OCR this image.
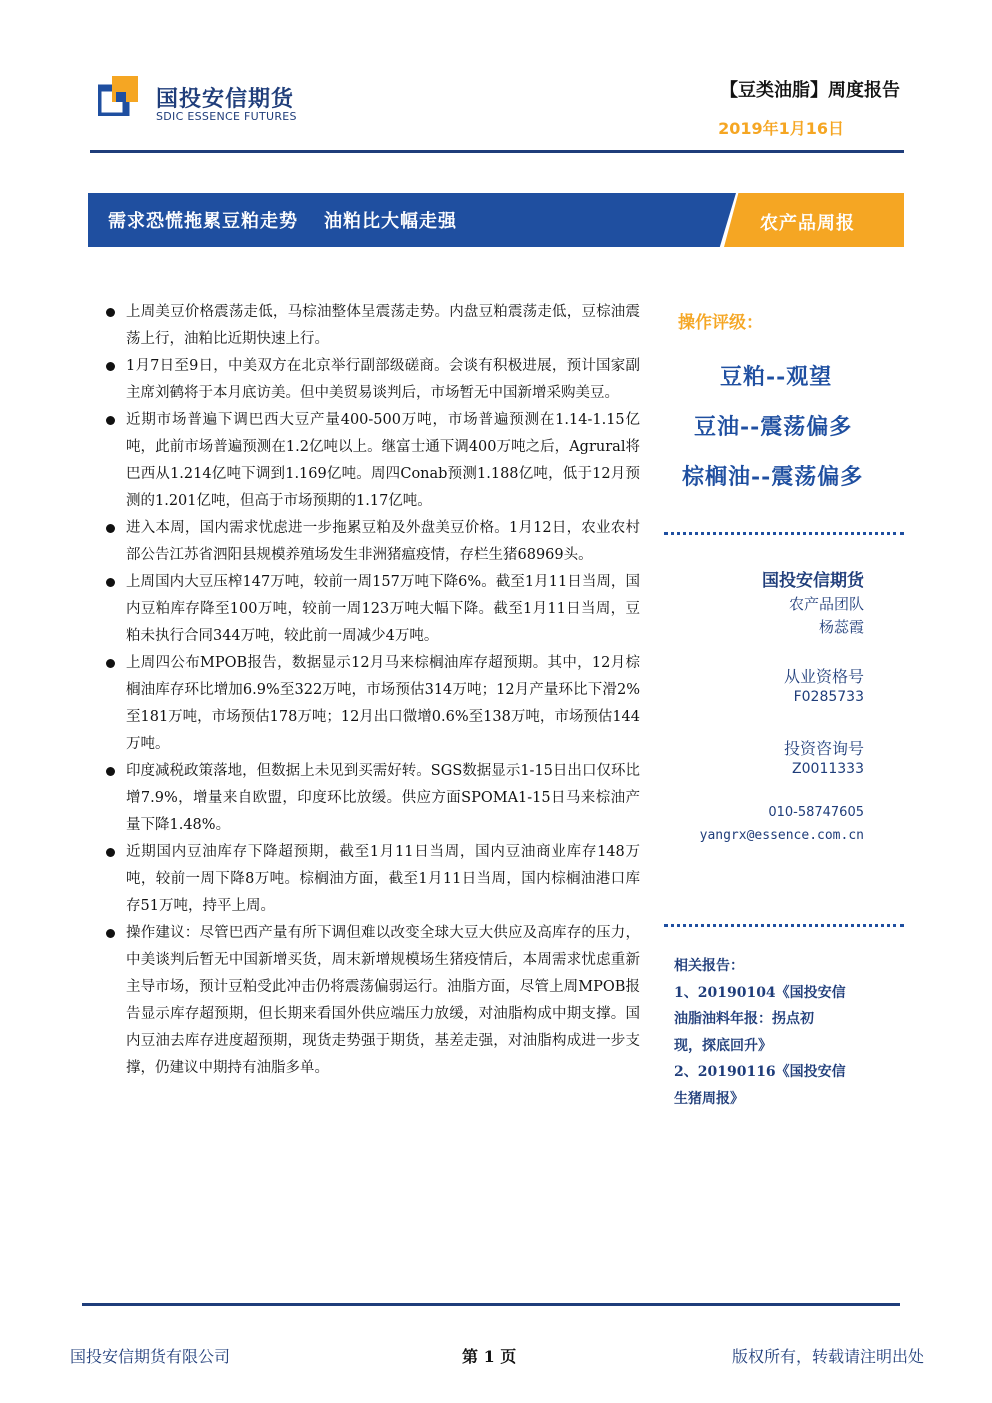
国投安信期货
SDIC ESSENCE FUTURES
【豆类油脂】周度报告
2019年1月16日
需求恐慌拖累豆粕走势 油粕比大幅走强	农产品周报
上周美豆价格震荡走低，马棕油整体呈震荡走势。内盘豆粕震荡走低，豆棕油震荡上行，油粕比近期快速上行。
1月7日至9日，中美双方在北京举行副部级磋商。会谈有积极进展，预计国家副主席刘鹤将于本月底访美。但中美贸易谈判后，市场暂无中国新增采购美豆。
近期市场普遍下调巴西大豆产量400-500万吨，市场普遍预测在1.14-1.15亿吨，此前市场普遍预测在1.2亿吨以上。继富士通下调400万吨之后，Agrural将巴西从1.214亿吨下调到1.169亿吨。周四Conab预测1.188亿吨，低于12月预测的1.201亿吨，但高于市场预期的1.17亿吨。
进入本周，国内需求忧虑进一步拖累豆粕及外盘美豆价格。1月12日，农业农村部公告江苏省泗阳县规模养殖场发生非洲猪瘟疫情，存栏生猪68969头。
上周国内大豆压榨147万吨，较前一周157万吨下降6%。截至1月11日当周，国内豆粕库存降至100万吨，较前一周123万吨大幅下降。截至1月11日当周，豆粕未执行合同344万吨，较此前一周减少4万吨。
上周四公布MPOB报告，数据显示12月马来棕榈油库存超预期。其中，12月棕榈油库存环比增加6.9%至322万吨，市场预估314万吨；12月产量环比下滑2%至181万吨，市场预估178万吨；12月出口微增0.6%至138万吨，市场预估144万吨。
印度减税政策落地，但数据上未见到买需好转。SGS数据显示1-15日出口仅环比增7.9%，增量来自欧盟，印度环比放缓。供应方面SPOMA1-15日马来棕油产量下降1.48%。
近期国内豆油库存下降超预期，截至1月11日当周，国内豆油商业库存148万吨，较前一周下降8万吨。棕榈油方面，截至1月11日当周，国内棕榈油港口库存51万吨，持平上周。
操作建议：尽管巴西产量有所下调但难以改变全球大豆大供应及高库存的压力，中美谈判后暂无中国新增买货，周末新增规模场生猪疫情后，本周需求忧虑重新主导市场，预计豆粕受此冲击仍将震荡偏弱运行。油脂方面，尽管上周MPOB报告显示库存超预期，但长期来看国外供应端压力放缓，对油脂构成中期支撑。国内豆油去库存进度超预期，现货走势强于期货，基差走强，对油脂构成进一步支撑，仍建议中期持有油脂多单。
操作评级：
豆粕--观望
豆油--震荡偏多
棕榈油--震荡偏多
国投安信期货
农产品团队
杨蕊霞
从业资格号
F0285733
投资咨询号
Z0011333
010-58747605
yangrx@essence.com.cn
相关报告：
1、20190104《国投安信
油脂油料年报：拐点初
现，探底回升》
2、20190116《国投安信
生猪周报》
国投安信期货有限公司	第 1 页	版权所有，转载请注明出处
